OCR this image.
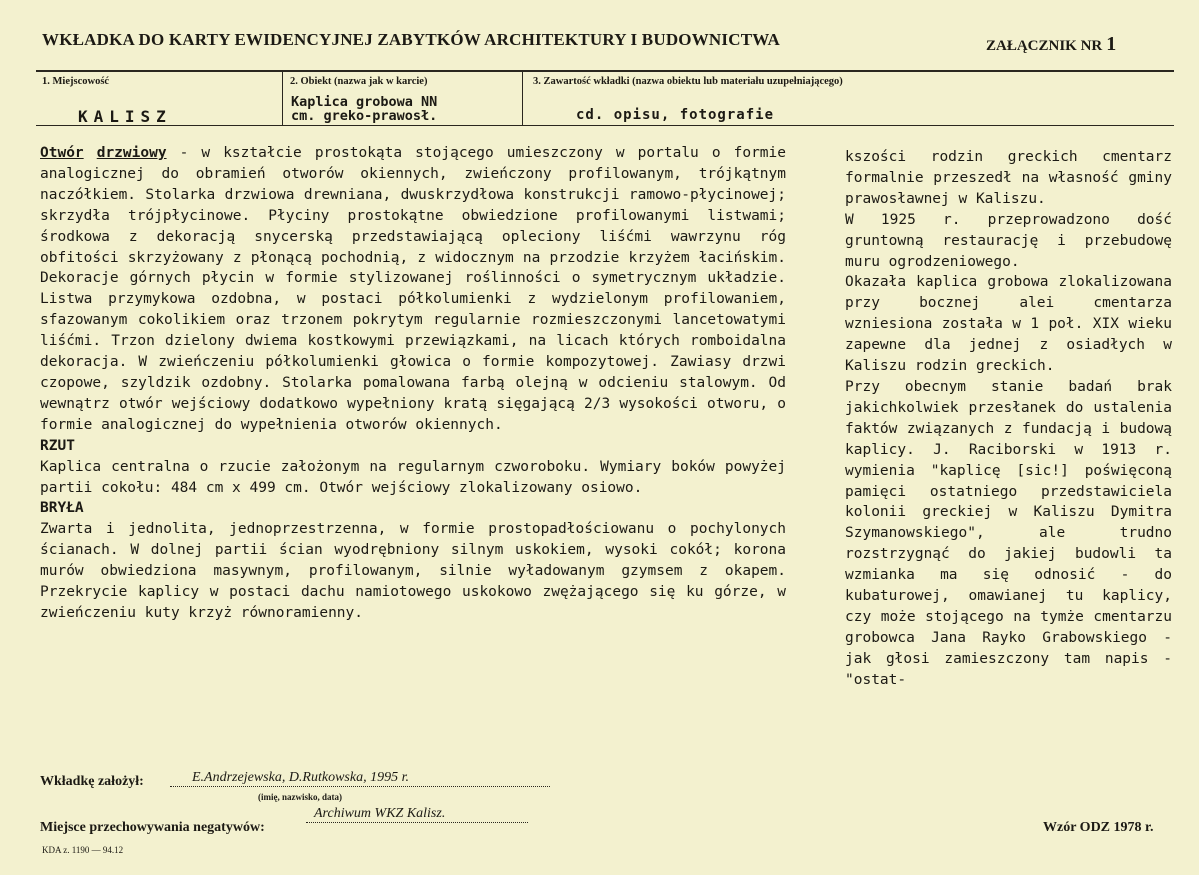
WKŁADKA DO KARTY EWIDENCYJNEJ ZABYTKÓW ARCHITEKTURY I BUDOWNICTWA	ZAŁĄCZNIK NR 1
1. Miejscowość
KALISZ
2. Obiekt (nazwa jak w karcie)
Kaplica grobowa NN
cm. greko-prawosł.
3. Zawartość wkładki (nazwa obiektu lub materiału uzupełniającego)
cd. opisu, fotografie

Otwór drzwiowy - w kształcie prostokąta stojącego umieszczony w portalu o formie analogicznej do obramień otworów okiennych, zwieńczony profilowanym, trójkątnym naczółkiem. Stolarka drzwiowa drewniana, dwuskrzydłowa konstrukcji ramowo-płycinowej; skrzydła trójpłycinowe. Płyciny prostokątne obwiedzione profilowanymi listwami; środkowa z dekoracją snycerską przedstawiającą opleciony liśćmi wawrzynu róg obfitości skrzyżowany z płonącą pochodnią, z widocznym na przodzie krzyżem łacińskim. Dekoracje górnych płycin w formie stylizowanej roślinności o symetrycznym układzie. Listwa przymykowa ozdobna, w postaci półkolumienki z wydzielonym profilowaniem, sfazowanym cokolikiem oraz trzonem pokrytym regularnie rozmieszczonymi lancetowatymi liśćmi. Trzon dzielony dwiema kostkowymi przewiązkami, na licach których romboidalna dekoracja. W zwieńczeniu półkolumienki głowica o formie kompozytowej. Zawiasy drzwi czopowe, szyldzik ozdobny. Stolarka pomalowana farbą olejną w odcieniu stalowym. Od wewnątrz otwór wejściowy dodatkowo wypełniony kratą sięgającą 2/3 wysokości otworu, o formie analogicznej do wypełnienia otworów okiennych.

RZUT

Kaplica centralna o rzucie założonym na regularnym czworoboku. Wymiary boków powyżej partii cokołu: 484 cm x 499 cm. Otwór wejściowy zlokalizowany osiowo.

BRYŁA

Zwarta i jednolita, jednoprzestrzenna, w formie prostopadłościowanu o pochylonych ścianach. W dolnej partii ścian wyodrębniony silnym uskokiem, wysoki cokół; korona murów obwiedziona masywnym, profilowanym, silnie wyładowanym gzymsem z okapem. Przekrycie kaplicy w postaci dachu namiotowego uskokowo zwężającego się ku górze, w zwieńczeniu kuty krzyż równoramienny.

kszości rodzin greckich cmentarz formalnie przeszedł na własność gminy prawosławnej w Kaliszu.

W 1925 r. przeprowadzono dość gruntowną restaurację i przebudowę muru ogrodzeniowego.

Okazała kaplica grobowa zlokalizowana przy bocznej alei cmentarza wzniesiona została w 1 poł. XIX wieku zapewne dla jednej z osiadłych w Kaliszu rodzin greckich.

Przy obecnym stanie badań brak jakichkolwiek przesłanek do ustalenia faktów związanych z fundacją i budową kaplicy. J. Raciborski w 1913 r. wymienia "kaplicę [sic!] poświęconą pamięci ostatniego przedstawiciela kolonii greckiej w Kaliszu Dymitra Szymanowskiego", ale trudno rozstrzygnąć do jakiej budowli ta wzmianka ma się odnosić - do kubaturowej, omawianej tu kaplicy, czy może stojącego na tymże cmentarzu grobowca Jana Rayko Grabowskiego - jak głosi zamieszczony tam napis - "ostat-

Wkładkę założył:	E.Andrzejewska, D.Rutkowska, 1995 r.
(imię, nazwisko, data)
Miejsce przechowywania negatywów:
Archiwum WKZ Kalisz.
Wzór ODZ 1978 r.
KDA z. 1190 — 94.12
